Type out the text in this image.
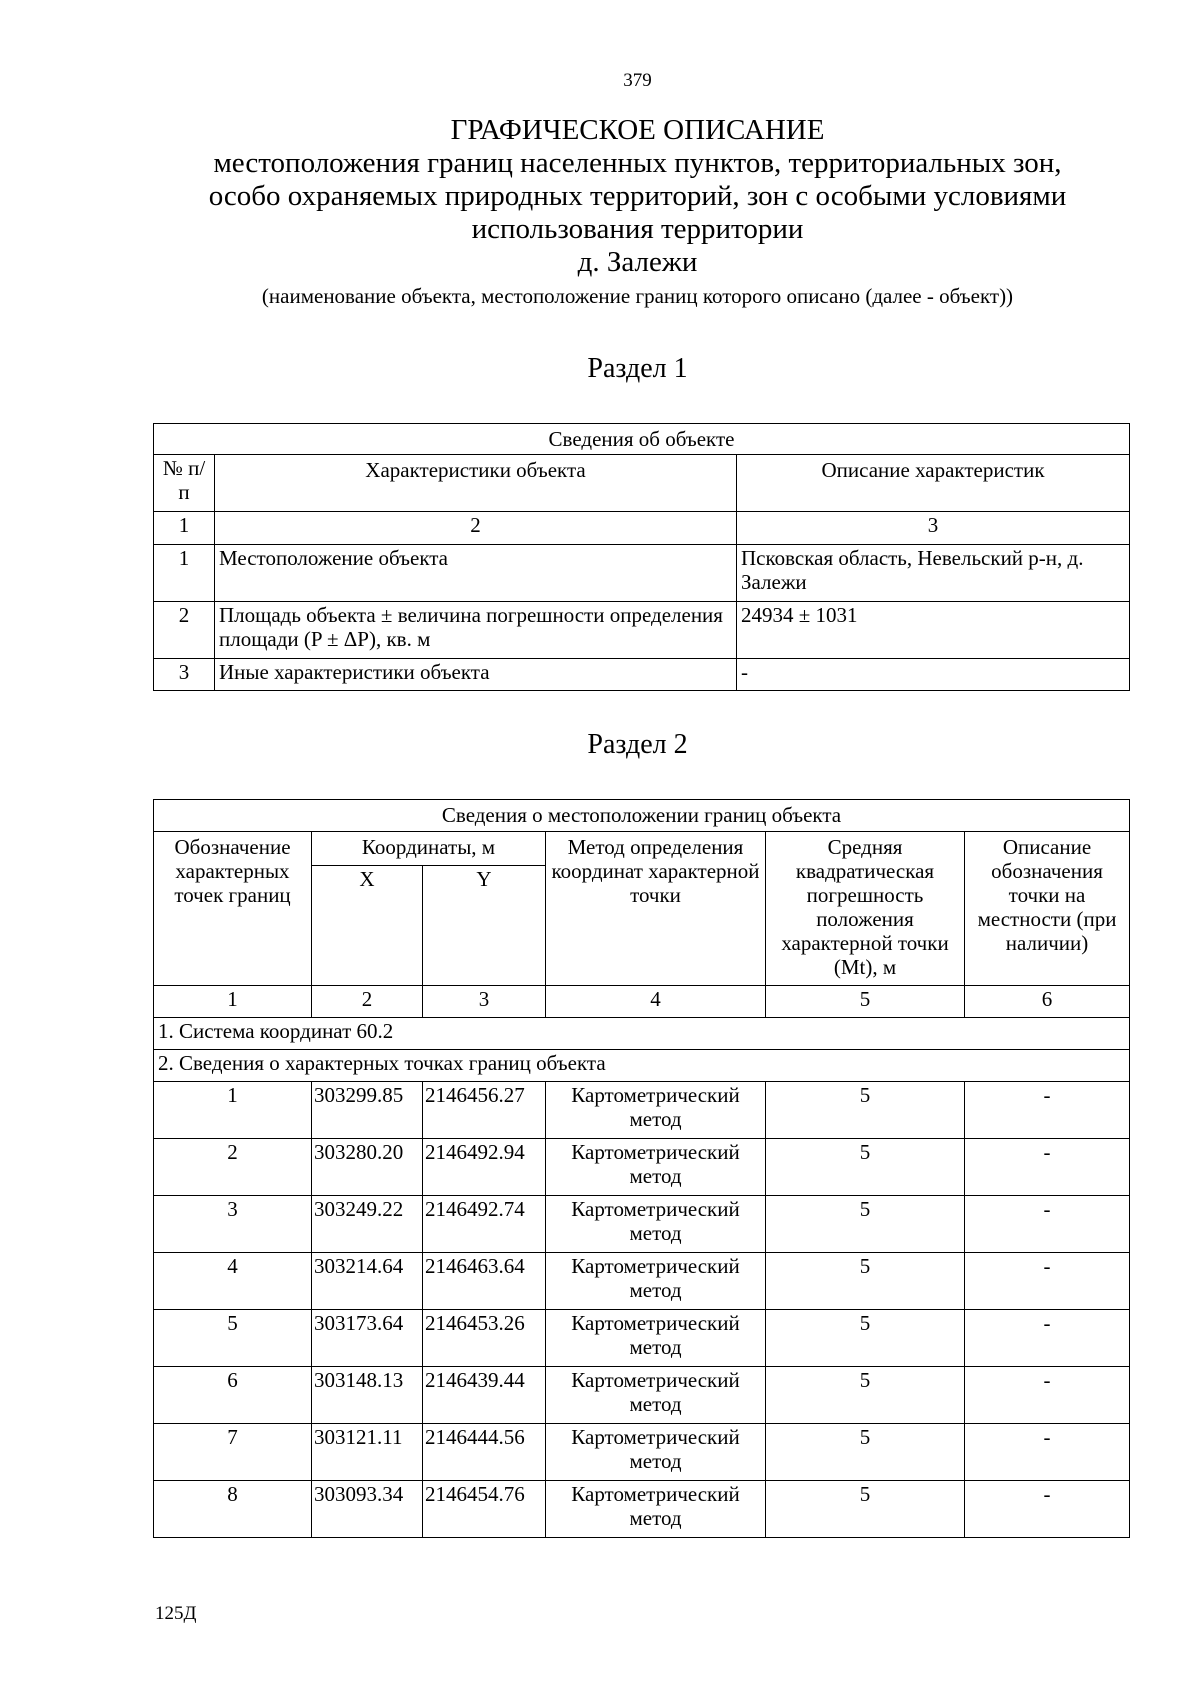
379
ГРАФИЧЕСКОЕ ОПИСАНИЕ
местоположения границ населенных пунктов, территориальных зон,
особо охраняемых природных территорий, зон с особыми условиями
использования территории
д. Залежи
(наименование объекта, местоположение границ которого описано (далее - объект))
Раздел 1
Сведения об объекте		
№ п/п	Характеристики объекта	Описание характеристик
1	2	3
1	Местоположение объекта	Псковская область, Невельский р-н, д. Залежи
2	Площадь объекта ± величина погрешности определения площади (P ± ΔP), кв. м	24934 ± 1031
3	Иные характеристики объекта	-
Раздел 2
Сведения о местоположении границ объекта					
Обозначение характерных точек границ	Координаты, м		Метод определения координат характерной точки	Средняя квадратическая погрешность положения характерной точки (Mt), м	Описание обозначения точки на местности (при наличии)
	X	Y			
1	2	3	4	5	6
1. Система координат 60.2					
2. Сведения о характерных точках границ объекта					
1	303299.85	2146456.27	Картометрический метод	5	-
2	303280.20	2146492.94	Картометрический метод	5	-
3	303249.22	2146492.74	Картометрический метод	5	-
4	303214.64	2146463.64	Картометрический метод	5	-
5	303173.64	2146453.26	Картометрический метод	5	-
6	303148.13	2146439.44	Картометрический метод	5	-
7	303121.11	2146444.56	Картометрический метод	5	-
8	303093.34	2146454.76	Картометрический метод	5	-
125Д
